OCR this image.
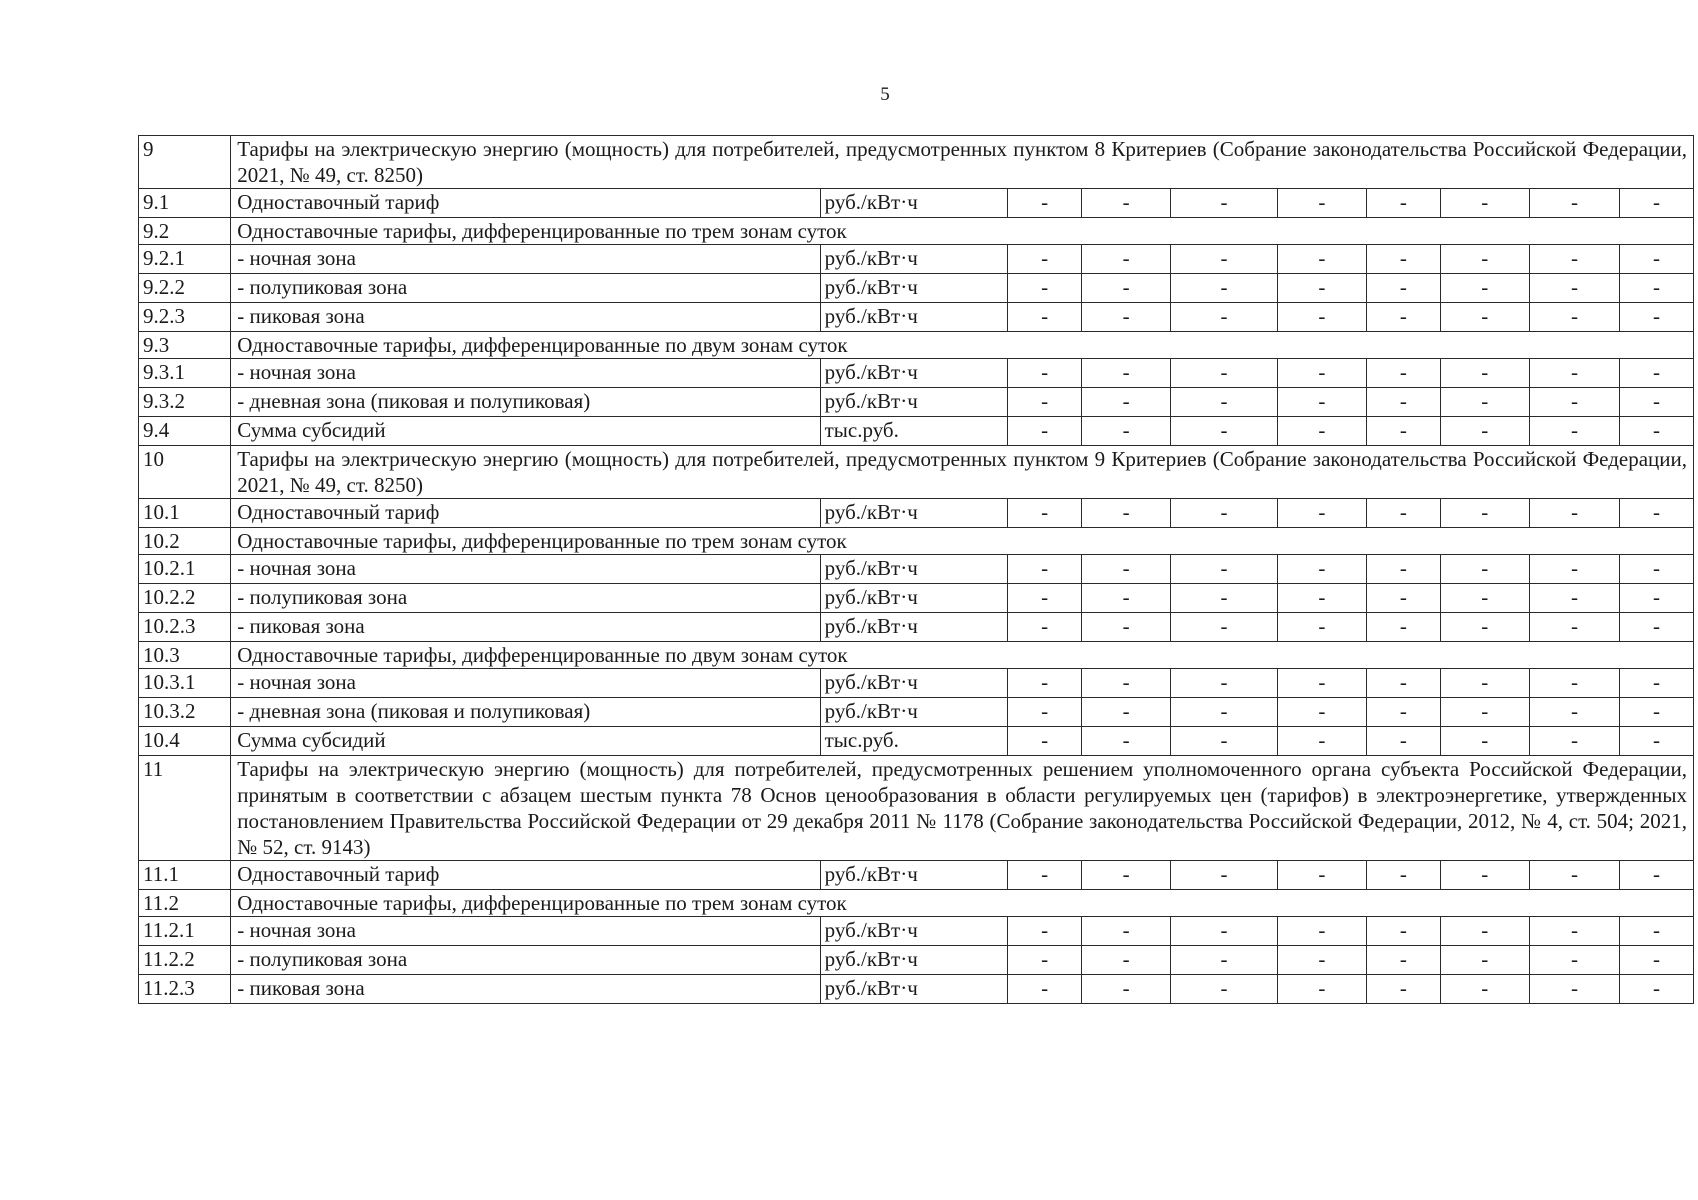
5
9	Тарифы на электрическую энергию (мощность) для потребителей, предусмотренных пунктом 8 Критериев (Собрание законодательства Российской Федерации, 2021, № 49, ст. 8250)									
9.1	Одноставочный тариф	руб./кВт·ч	-	-	-	-	-	-	-	-
9.2	Одноставочные тарифы, дифференцированные по трем зонам суток									
9.2.1	- ночная зона	руб./кВт·ч	-	-	-	-	-	-	-	-
9.2.2	- полупиковая зона	руб./кВт·ч	-	-	-	-	-	-	-	-
9.2.3	- пиковая зона	руб./кВт·ч	-	-	-	-	-	-	-	-
9.3	Одноставочные тарифы, дифференцированные по двум зонам суток									
9.3.1	- ночная зона	руб./кВт·ч	-	-	-	-	-	-	-	-
9.3.2	- дневная зона (пиковая и полупиковая)	руб./кВт·ч	-	-	-	-	-	-	-	-
9.4	Сумма субсидий	тыс.руб.	-	-	-	-	-	-	-	-
10	Тарифы на электрическую энергию (мощность) для потребителей, предусмотренных пунктом 9 Критериев (Собрание законодательства Российской Федерации, 2021, № 49, ст. 8250)									
10.1	Одноставочный тариф	руб./кВт·ч	-	-	-	-	-	-	-	-
10.2	Одноставочные тарифы, дифференцированные по трем зонам суток									
10.2.1	- ночная зона	руб./кВт·ч	-	-	-	-	-	-	-	-
10.2.2	- полупиковая зона	руб./кВт·ч	-	-	-	-	-	-	-	-
10.2.3	- пиковая зона	руб./кВт·ч	-	-	-	-	-	-	-	-
10.3	Одноставочные тарифы, дифференцированные по двум зонам суток									
10.3.1	- ночная зона	руб./кВт·ч	-	-	-	-	-	-	-	-
10.3.2	- дневная зона (пиковая и полупиковая)	руб./кВт·ч	-	-	-	-	-	-	-	-
10.4	Сумма субсидий	тыс.руб.	-	-	-	-	-	-	-	-
11	Тарифы на электрическую энергию (мощность) для потребителей, предусмотренных решением уполномоченного органа субъекта Российской Федерации, принятым в соответствии с абзацем шестым пункта 78 Основ ценообразования в области регулируемых цен (тарифов) в электроэнергетике, утвержденных постановлением Правительства Российской Федерации от 29 декабря 2011 № 1178 (Собрание законодательства Российской Федерации, 2012, № 4, ст. 504; 2021, № 52, ст. 9143)									
11.1	Одноставочный тариф	руб./кВт·ч	-	-	-	-	-	-	-	-
11.2	Одноставочные тарифы, дифференцированные по трем зонам суток									
11.2.1	- ночная зона	руб./кВт·ч	-	-	-	-	-	-	-	-
11.2.2	- полупиковая зона	руб./кВт·ч	-	-	-	-	-	-	-	-
11.2.3	- пиковая зона	руб./кВт·ч	-	-	-	-	-	-	-	-
